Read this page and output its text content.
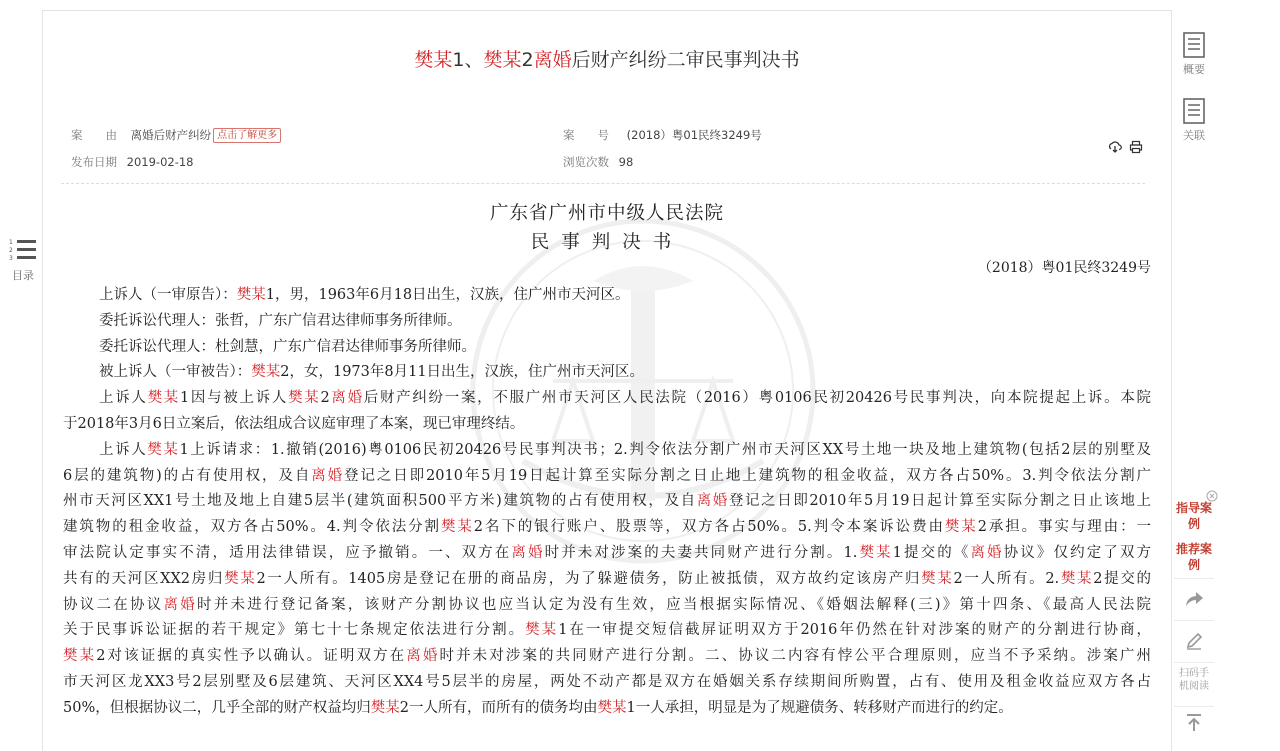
樊某1、樊某2离婚后财产纠纷二审民事判决书
案　　由 离婚后财产纠纷 点击了解更多	案　　号 (2018）粤01民终3249号
发布日期 2019-02-18	浏览次数 98

广东省广州市中级人民法院
民事判决书
（2018）粤01民终3249号
上诉人（一审原告）：樊某1，男，1963年6月18日出生，汉族，住广州市天河区。
委托诉讼代理人：张哲，广东广信君达律师事务所律师。
委托诉讼代理人：杜剑慧，广东广信君达律师事务所律师。
被上诉人（一审被告）：樊某2，女，1973年8月11日出生，汉族，住广州市天河区。
上诉人樊某1因与被上诉人樊某2离婚后财产纠纷一案，不服广州市天河区人民法院（2016）粤0106民初20426号民事判决，向本院提起上诉。本院
于2018年3月6日立案后，依法组成合议庭审理了本案，现已审理终结。
上诉人樊某1上诉请求：1.撤销(2016)粤0106民初20426号民事判决书；2.判令依法分割广州市天河区XX号土地一块及地上建筑物(包括2层的别墅及
6层的建筑物)的占有使用权，及自离婚登记之日即2010年5月19日起计算至实际分割之日止地上建筑物的租金收益，双方各占50%。3.判令依法分割广
州市天河区XX1号土地及地上自建5层半(建筑面积500平方米)建筑物的占有使用权，及自离婚登记之日即2010年5月19日起计算至实际分割之日止该地上
建筑物的租金收益，双方各占50%。4.判令依法分割樊某2名下的银行账户、股票等，双方各占50%。5.判令本案诉讼费由樊某2承担。事实与理由：一
审法院认定事实不清，适用法律错误，应予撤销。一、双方在离婚时并未对涉案的夫妻共同财产进行分割。1.樊某1提交的《离婚协议》仅约定了双方
共有的天河区XX2房归樊某2一人所有。1405房是登记在册的商品房，为了躲避债务，防止被抵债，双方故约定该房产归樊某2一人所有。2.樊某2提交的
协议二在协议离婚时并未进行登记备案，该财产分割协议也应当认定为没有生效，应当根据实际情况、《婚姻法解释(三)》第十四条、《最高人民法院
关于民事诉讼证据的若干规定》第七十七条规定依法进行分割。樊某1在一审提交短信截屏证明双方于2016年仍然在针对涉案的财产的分割进行协商，
樊某2对该证据的真实性予以确认。证明双方在离婚时并未对涉案的共同财产进行分割。二、协议二内容有悖公平合理原则，应当不予采纳。涉案广州
市天河区龙XX3号2层别墅及6层建筑、天河区XX4号5层半的房屋，两处不动产都是双方在婚姻关系存续期间所购置，占有、使用及租金收益应双方各占
50%，但根据协议二，几乎全部的财产权益均归樊某2一人所有，而所有的债务均由樊某1一人承担，明显是为了规避债务、转移财产而进行的约定。
1
2
3
目录
概要
关联
指导案例
推荐案例
扫码手机阅读
